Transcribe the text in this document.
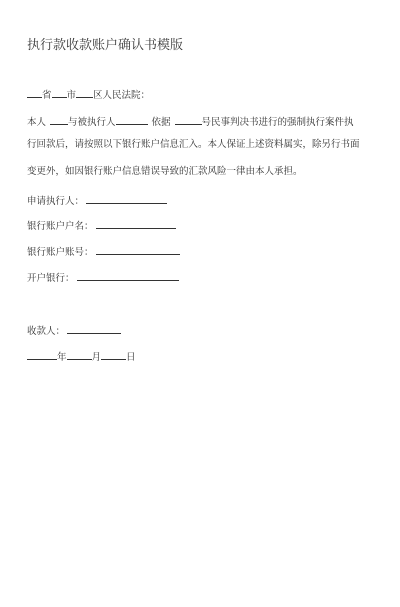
执行款收款账户确认书模版
省 市 区人民法院：
本人 与被执行人	依据	号民事判决书进行的强制执行案件执
行回款后，请按照以下银行账户信息汇入。本人保证上述资料属实，除另行书面
变更外，如因银行账户信息错误导致的汇款风险一律由本人承担。
申请执行人：
银行账户户名：
银行账户账号：
开户银行：
收款人：
年	月	日
